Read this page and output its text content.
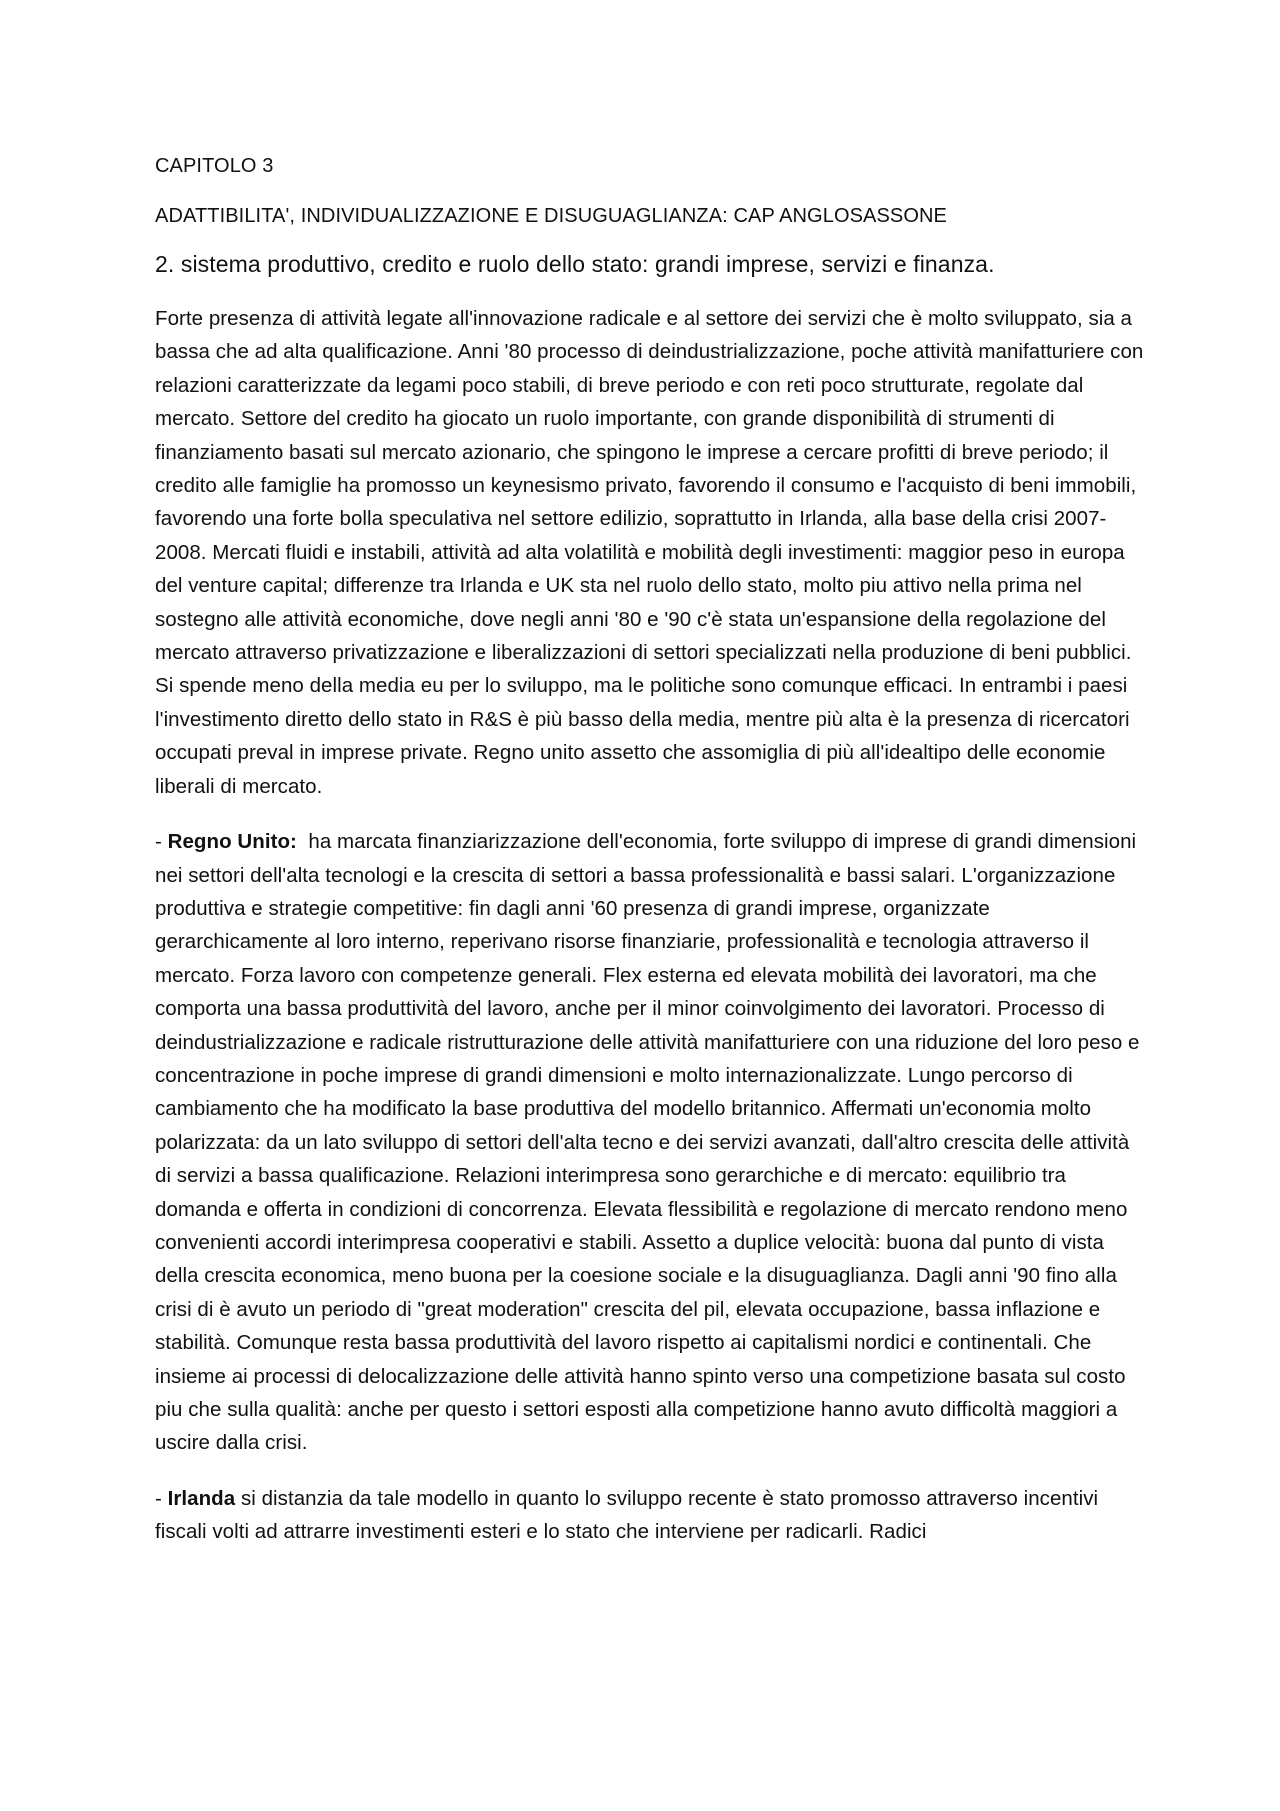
CAPITOLO 3

ADATTIBILITA', INDIVIDUALIZZAZIONE E DISUGUAGLIANZA: CAP ANGLOSASSONE

2. sistema produttivo, credito e ruolo dello stato: grandi imprese, servizi e finanza.

Forte presenza di attività legate all'innovazione radicale e al settore dei servizi che è molto sviluppato, sia a bassa che ad alta qualificazione. Anni '80 processo di deindustrializzazione, poche attività manifatturiere con relazioni caratterizzate da legami poco stabili, di breve periodo e con reti poco strutturate, regolate dal mercato. Settore del credito ha giocato un ruolo importante, con grande disponibilità di strumenti di finanziamento basati sul mercato azionario, che spingono le imprese a cercare profitti di breve periodo; il credito alle famiglie ha promosso un keynesismo privato, favorendo il consumo e l'acquisto di beni immobili, favorendo una forte bolla speculativa nel settore edilizio, soprattutto in Irlanda, alla base della crisi 2007-2008. Mercati fluidi e instabili, attività ad alta volatilità e mobilità degli investimenti: maggior peso in europa del venture capital; differenze tra Irlanda e UK sta nel ruolo dello stato, molto piu attivo nella prima nel sostegno alle attività economiche, dove negli anni '80 e '90 c'è stata un'espansione della regolazione del mercato attraverso privatizzazione e liberalizzazioni di settori specializzati nella produzione di beni pubblici. Si spende meno della media eu per lo sviluppo, ma le politiche sono comunque efficaci. In entrambi i paesi l'investimento diretto dello stato in R&S è più basso della media, mentre più alta è la presenza di ricercatori occupati preval in imprese private. Regno unito assetto che assomiglia di più all'idealtipo delle economie liberali di mercato.

- Regno Unito:  ha marcata finanziarizzazione dell'economia, forte sviluppo di imprese di grandi dimensioni nei settori dell'alta tecnologi e la crescita di settori a bassa professionalità e bassi salari. L'organizzazione produttiva e strategie competitive: fin dagli anni '60 presenza di grandi imprese, organizzate gerarchicamente al loro interno, reperivano risorse finanziarie, professionalità e tecnologia attraverso il mercato. Forza lavoro con competenze generali. Flex esterna ed elevata mobilità dei lavoratori, ma che comporta una bassa produttività del lavoro, anche per il minor coinvolgimento dei lavoratori. Processo di deindustrializzazione e radicale ristrutturazione delle attività manifatturiere con una riduzione del loro peso e concentrazione in poche imprese di grandi dimensioni e molto internazionalizzate. Lungo percorso di cambiamento che ha modificato la base produttiva del modello britannico. Affermati un'economia molto polarizzata: da un lato sviluppo di settori dell'alta tecno e dei servizi avanzati, dall'altro crescita delle attività di servizi a bassa qualificazione. Relazioni interimpresa sono gerarchiche e di mercato: equilibrio tra domanda e offerta in condizioni di concorrenza. Elevata flessibilità e regolazione di mercato rendono meno convenienti accordi interimpresa cooperativi e stabili. Assetto a duplice velocità: buona dal punto di vista della crescita economica, meno buona per la coesione sociale e la disuguaglianza. Dagli anni '90 fino alla crisi di è avuto un periodo di "great moderation" crescita del pil, elevata occupazione, bassa inflazione e stabilità. Comunque resta bassa produttività del lavoro rispetto ai capitalismi nordici e continentali. Che insieme ai processi di delocalizzazione delle attività hanno spinto verso una competizione basata sul costo piu che sulla qualità: anche per questo i settori esposti alla competizione hanno avuto difficoltà maggiori a uscire dalla crisi.

- Irlanda si distanzia da tale modello in quanto lo sviluppo recente è stato promosso attraverso incentivi fiscali volti ad attrarre investimenti esteri e lo stato che interviene per radicarli. Radici
